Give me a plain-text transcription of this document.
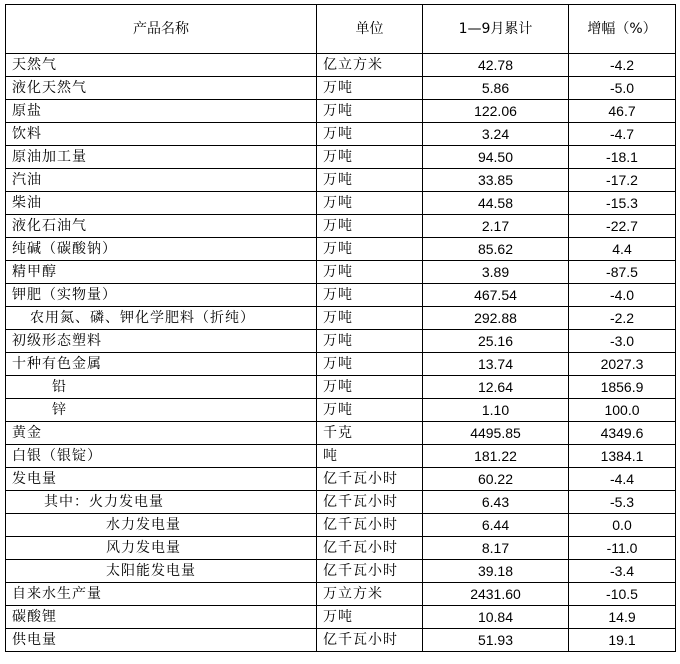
产品名称	单位	1—9月累计	增幅（%）
天然气	亿立方米	42.78	-4.2
液化天然气	万吨	5.86	-5.0
原盐	万吨	122.06	46.7
饮料	万吨	3.24	-4.7
原油加工量	万吨	94.50	-18.1
汽油	万吨	33.85	-17.2
柴油	万吨	44.58	-15.3
液化石油气	万吨	2.17	-22.7
纯碱（碳酸钠）	万吨	85.62	4.4
精甲醇	万吨	3.89	-87.5
钾肥（实物量）	万吨	467.54	-4.0
农用氮、磷、钾化学肥料（折纯）	万吨	292.88	-2.2
初级形态塑料	万吨	25.16	-3.0
十种有色金属	万吨	13.74	2027.3
铅	万吨	12.64	1856.9
锌	万吨	1.10	100.0
黄金	千克	4495.85	4349.6
白银（银锭）	吨	181.22	1384.1
发电量	亿千瓦小时	60.22	-4.4
其中：火力发电量	亿千瓦小时	6.43	-5.3
水力发电量	亿千瓦小时	6.44	0.0
风力发电量	亿千瓦小时	8.17	-11.0
太阳能发电量	亿千瓦小时	39.18	-3.4
自来水生产量	万立方米	2431.60	-10.5
碳酸锂	万吨	10.84	14.9
供电量	亿千瓦小时	51.93	19.1
